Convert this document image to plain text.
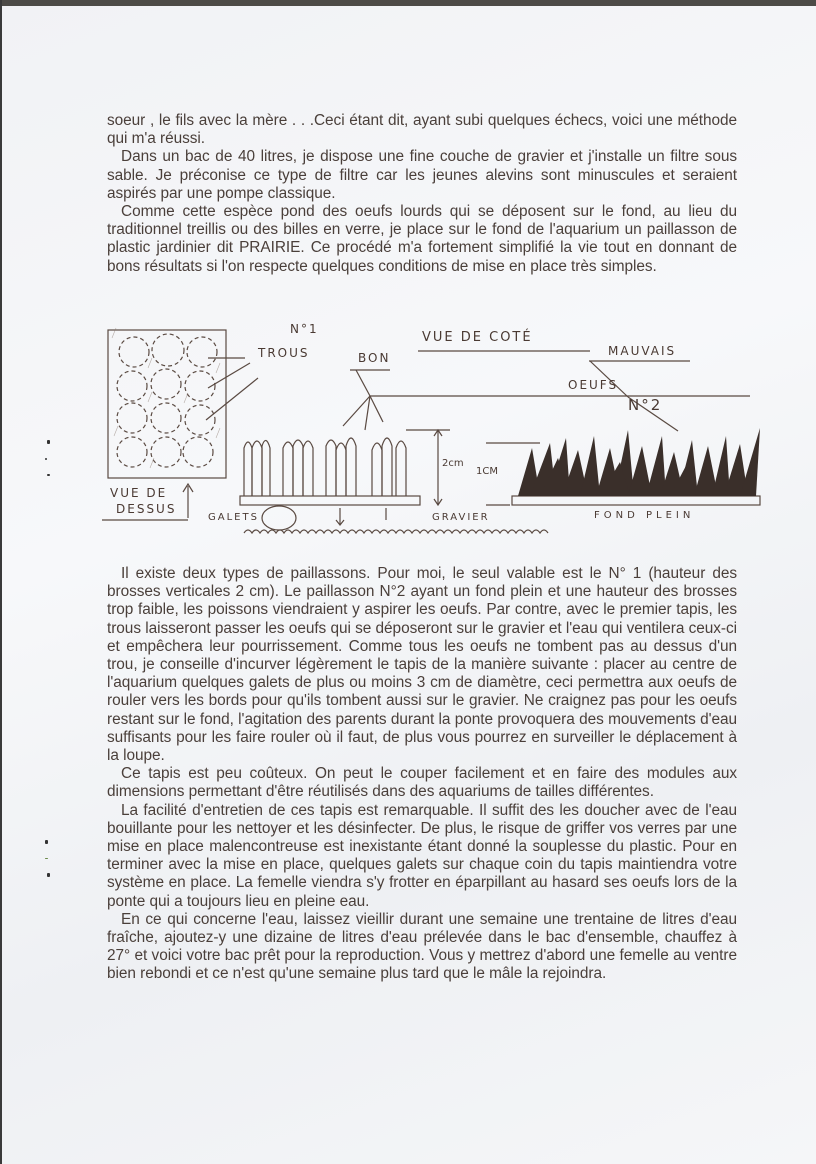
soeur , le fils avec la mère . . .Ceci étant dit, ayant subi quelques échecs, voici une méthode qui m'a réussi.

Dans un bac de 40 litres, je dispose une fine couche de gravier et j'installe un filtre sous sable. Je préconise ce type de filtre car les jeunes alevins sont minuscules et seraient aspirés par une pompe classique.

Comme cette espèce pond des oeufs lourds qui se déposent sur le fond, au lieu du traditionnel treillis ou des billes en verre, je place sur le fond de l'aquarium un paillasson de plastic jardinier dit PRAIRIE. Ce procédé m'a fortement simplifié la vie tout en donnant de bons résultats si l'on respecte quelques conditions de mise en place très simples.

N°1
TROUS
VUE DE COTÉ
BON	MAUVAIS
OEUFS
N°2
2cm
1CM
VUE DE
DESSUS
GALETS	GRAVIER	FOND PLEIN

Il existe deux types de paillassons. Pour moi, le seul valable est le N° 1 (hauteur des brosses verticales 2 cm). Le paillasson N°2 ayant un fond plein et une hauteur des brosses trop faible, les poissons viendraient y aspirer les oeufs. Par contre, avec le premier tapis, les trous laisseront passer les oeufs qui se déposeront sur le gravier et l'eau qui ventilera ceux-ci et empêchera leur pourrissement. Comme tous les oeufs ne tombent pas au dessus d'un trou, je conseille d'incurver légèrement le tapis de la manière suivante : placer au centre de l'aquarium quelques galets de plus ou moins 3 cm de diamètre, ceci permettra aux oeufs de rouler vers les bords pour qu'ils tombent aussi sur le gravier. Ne craignez pas pour les oeufs restant sur le fond, l'agitation des parents durant la ponte provoquera des mouvements d'eau suffisants pour les faire rouler où il faut, de plus vous pourrez en surveiller le déplacement à la loupe.

Ce tapis est peu coûteux. On peut le couper facilement et en faire des modules aux dimensions permettant d'être réutilisés dans des aquariums de tailles différentes.

La facilité d'entretien de ces tapis est remarquable. Il suffit des les doucher avec de l'eau bouillante pour les nettoyer et les désinfecter. De plus, le risque de griffer vos verres par une mise en place malencontreuse est inexistante étant donné la souplesse du plastic. Pour en terminer avec la mise en place, quelques galets sur chaque coin du tapis maintiendra votre système en place. La femelle viendra s'y frotter en éparpillant au hasard ses oeufs lors de la ponte qui a toujours lieu en pleine eau.

En ce qui concerne l'eau, laissez vieillir durant une semaine une trentaine de litres d'eau fraîche, ajoutez-y une dizaine de litres d'eau prélevée dans le bac d'ensemble, chauffez à 27° et voici votre bac prêt pour la reproduction. Vous y mettrez d'abord une femelle au ventre bien rebondi et ce n'est qu'une semaine plus tard que le mâle la rejoindra.
